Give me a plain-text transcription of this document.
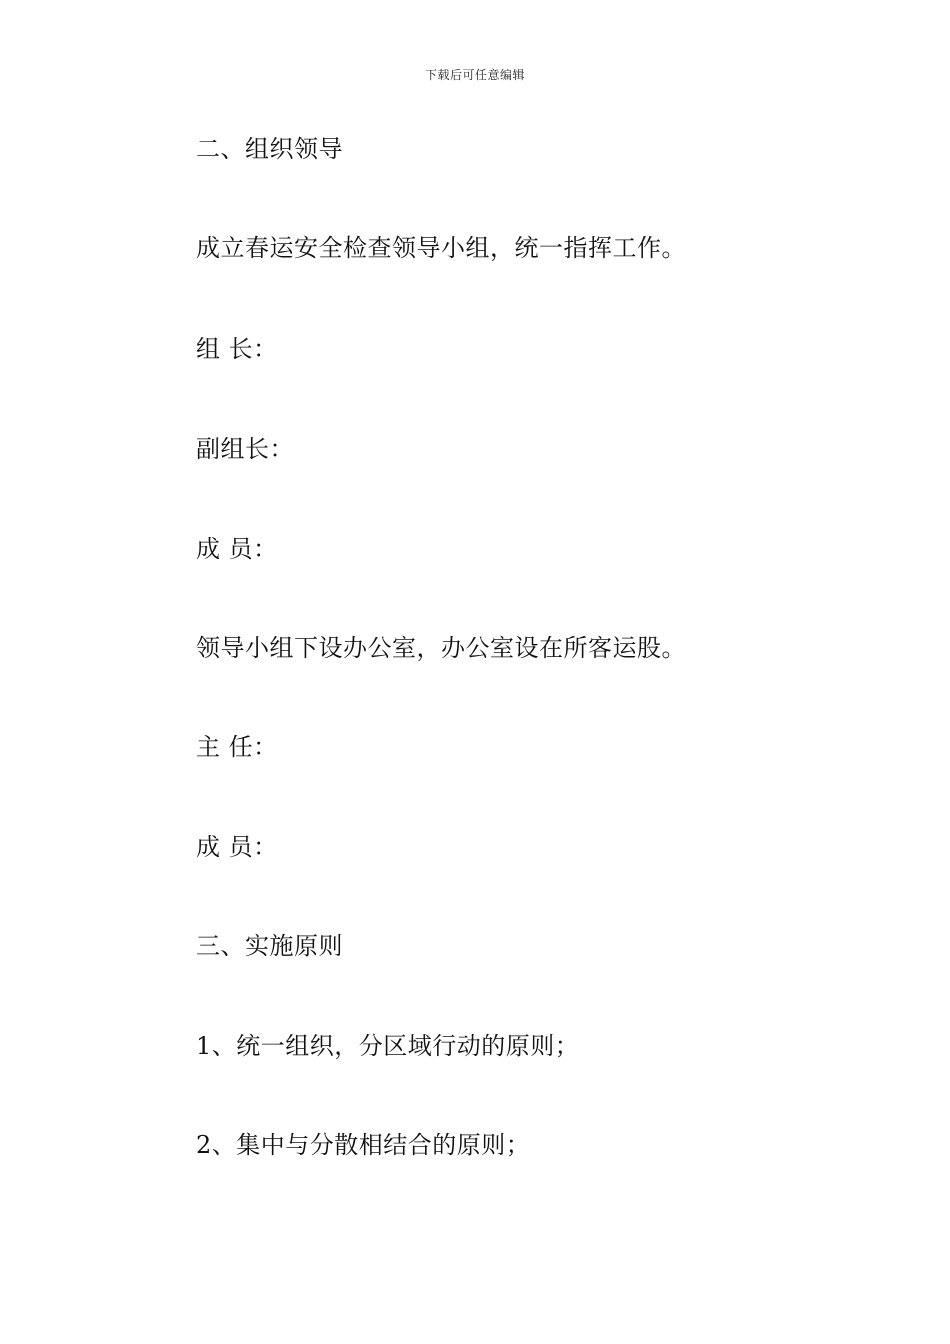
下载后可任意编辑
二、组织领导
成立春运安全检查领导小组，统一指挥工作。
组 长：
副组长：
成 员：
领导小组下设办公室，办公室设在所客运股。
主 任：
成 员：
三、实施原则
1、统一组织，分区域行动的原则；
2、集中与分散相结合的原则；
